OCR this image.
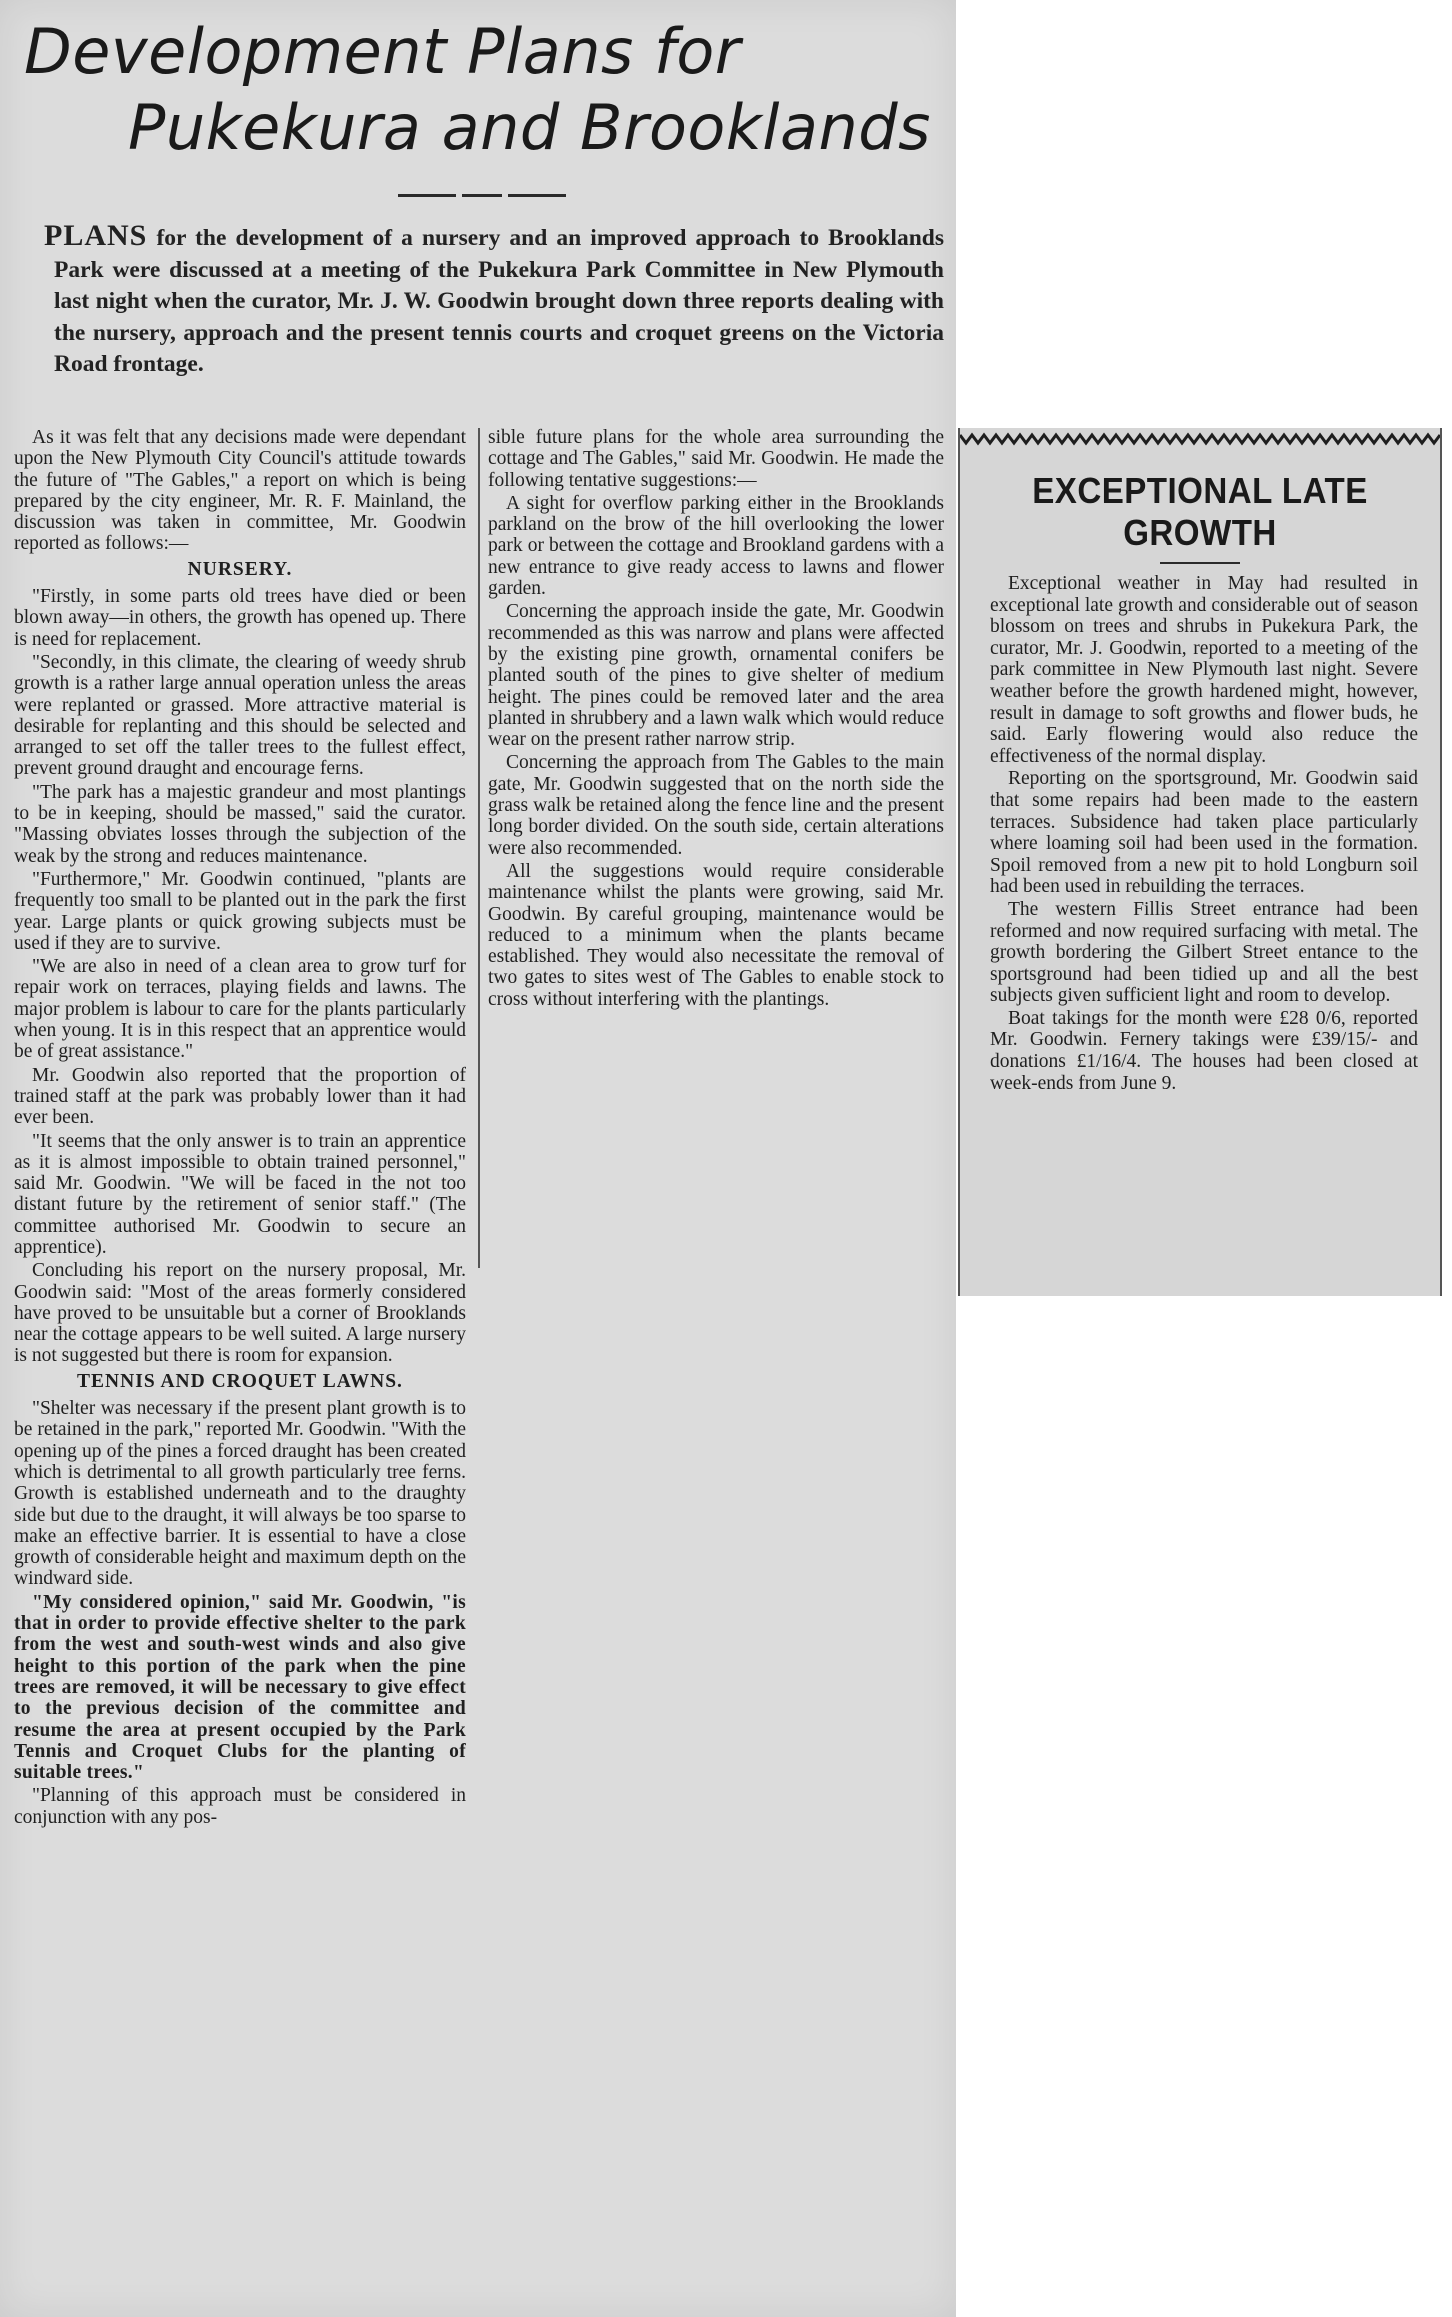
Development Plans for
Pukekura and Brooklands

PLANS for the development of a nursery and an improved approach to Brooklands Park were discussed at a meeting of the Pukekura Park Committee in New Plymouth last night when the curator, Mr. J. W. Goodwin brought down three reports dealing with the nursery, approach and the present tennis courts and croquet greens on the Victoria Road frontage.

As it was felt that any decisions made were dependant upon the New Plymouth City Council's attitude towards the future of "The Gables," a report on which is being prepared by the city engineer, Mr. R. F. Mainland, the discussion was taken in committee, Mr. Goodwin reported as follows:—

NURSERY.

"Firstly, in some parts old trees have died or been blown away—in others, the growth has opened up. There is need for replacement.

"Secondly, in this climate, the clearing of weedy shrub growth is a rather large annual operation unless the areas were replanted or grassed. More attractive material is desirable for replanting and this should be selected and arranged to set off the taller trees to the fullest effect, prevent ground draught and encourage ferns.

"The park has a majestic grandeur and most plantings to be in keeping, should be massed," said the curator. "Massing obviates losses through the subjection of the weak by the strong and reduces maintenance.

"Furthermore," Mr. Goodwin continued, "plants are frequently too small to be planted out in the park the first year. Large plants or quick growing subjects must be used if they are to survive.

"We are also in need of a clean area to grow turf for repair work on terraces, playing fields and lawns. The major problem is labour to care for the plants particularly when young. It is in this respect that an apprentice would be of great assistance."

Mr. Goodwin also reported that the proportion of trained staff at the park was probably lower than it had ever been.

"It seems that the only answer is to train an apprentice as it is almost impossible to obtain trained personnel," said Mr. Goodwin. "We will be faced in the not too distant future by the retirement of senior staff." (The committee authorised Mr. Goodwin to secure an apprentice).

Concluding his report on the nursery proposal, Mr. Goodwin said: "Most of the areas formerly considered have proved to be unsuitable but a corner of Brooklands near the cottage appears to be well suited. A large nursery is not suggested but there is room for expansion.

TENNIS AND CROQUET LAWNS.

"Shelter was necessary if the present plant growth is to be retained in the park," reported Mr. Goodwin. "With the opening up of the pines a forced draught has been created which is detrimental to all growth particularly tree ferns. Growth is established underneath and to the draughty side but due to the draught, it will always be too sparse to make an effective barrier. It is essential to have a close growth of considerable height and maximum depth on the windward side.

"My considered opinion," said Mr. Goodwin, "is that in order to provide effective shelter to the park from the west and south-west winds and also give height to this portion of the park when the pine trees are removed, it will be necessary to give effect to the previous decision of the committee and resume the area at present occupied by the Park Tennis and Croquet Clubs for the planting of suitable trees."

"Planning of this approach must be considered in conjunction with any pos-

sible future plans for the whole area surrounding the cottage and The Gables," said Mr. Goodwin. He made the following tentative suggestions:—

A sight for overflow parking either in the Brooklands parkland on the brow of the hill overlooking the lower park or between the cottage and Brookland gardens with a new entrance to give ready access to lawns and flower garden.

Concerning the approach inside the gate, Mr. Goodwin recommended as this was narrow and plans were affected by the existing pine growth, ornamental conifers be planted south of the pines to give shelter of medium height. The pines could be removed later and the area planted in shrubbery and a lawn walk which would reduce wear on the present rather narrow strip.

Concerning the approach from The Gables to the main gate, Mr. Goodwin suggested that on the north side the grass walk be retained along the fence line and the present long border divided. On the south side, certain alterations were also recommended.

All the suggestions would require considerable maintenance whilst the plants were growing, said Mr. Goodwin. By careful grouping, maintenance would be reduced to a minimum when the plants became established. They would also necessitate the removal of two gates to sites west of The Gables to enable stock to cross without interfering with the plantings.

EXCEPTIONAL LATE
GROWTH

Exceptional weather in May had resulted in exceptional late growth and considerable out of season blossom on trees and shrubs in Pukekura Park, the curator, Mr. J. Goodwin, reported to a meeting of the park committee in New Plymouth last night. Severe weather before the growth hardened might, however, result in damage to soft growths and flower buds, he said. Early flowering would also reduce the effectiveness of the normal display.

Reporting on the sportsground, Mr. Goodwin said that some repairs had been made to the eastern terraces. Subsidence had taken place particularly where loaming soil had been used in the formation. Spoil removed from a new pit to hold Longburn soil had been used in rebuilding the terraces.

The western Fillis Street entrance had been reformed and now required surfacing with metal. The growth bordering the Gilbert Street entance to the sportsground had been tidied up and all the best subjects given sufficient light and room to develop.

Boat takings for the month were £28 0/6, reported Mr. Goodwin. Fernery takings were £39/15/- and donations £1/16/4. The houses had been closed at week-ends from June 9.
